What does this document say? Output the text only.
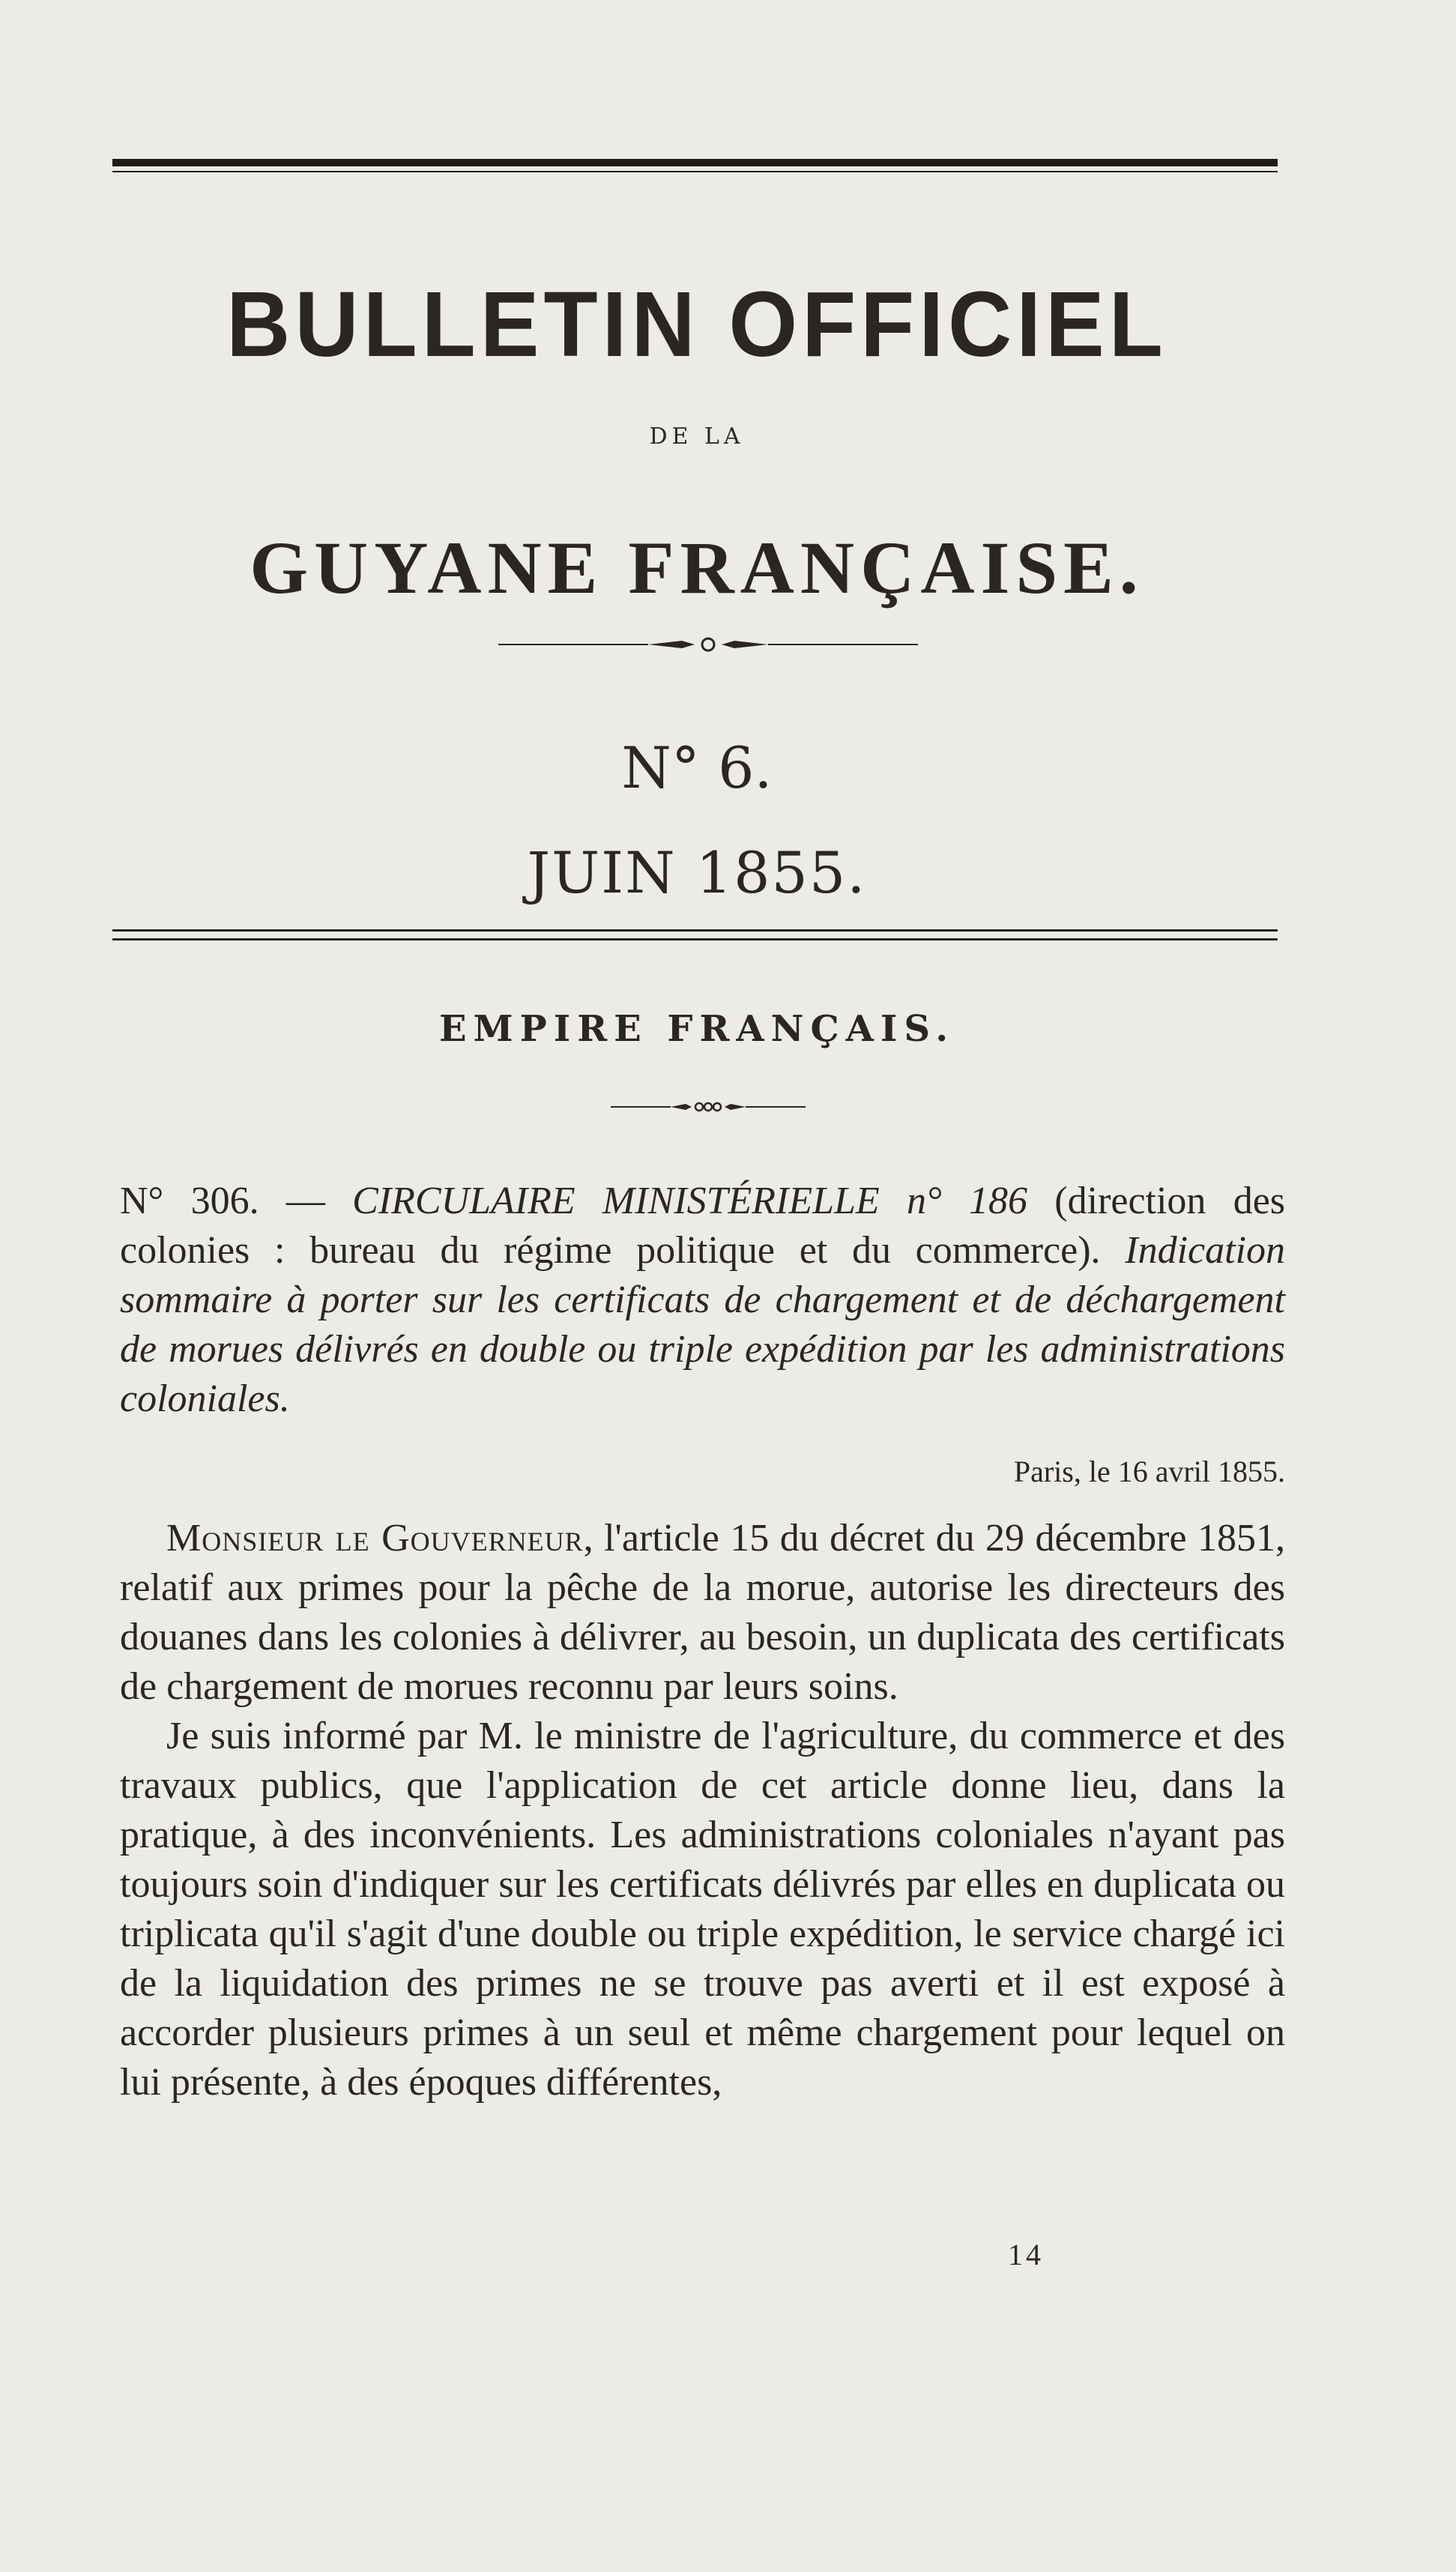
BULLETIN OFFICIEL
DE LA
GUYANE FRANÇAISE.
N° 6.
JUIN 1855.
EMPIRE FRANÇAIS.
N° 306. — CIRCULAIRE MINISTÉRIELLE n° 186 (direction des colonies : bureau du régime politique et du commerce). Indication sommaire à porter sur les certificats de chargement et de déchargement de morues délivrés en double ou triple expédition par les administrations coloniales.
Paris, le 16 avril 1855.

Monsieur le Gouverneur, l'article 15 du décret du 29 décembre 1851, relatif aux primes pour la pêche de la morue, autorise les directeurs des douanes dans les colonies à délivrer, au besoin, un duplicata des certificats de chargement de morues reconnu par leurs soins.

Je suis informé par M. le ministre de l'agriculture, du commerce et des travaux publics, que l'application de cet article donne lieu, dans la pratique, à des inconvénients. Les administrations coloniales n'ayant pas toujours soin d'indiquer sur les certificats délivrés par elles en duplicata ou triplicata qu'il s'agit d'une double ou triple expédition, le service chargé ici de la liquidation des primes ne se trouve pas averti et il est exposé à accorder plusieurs primes à un seul et même chargement pour lequel on lui présente, à des époques différentes,

14
